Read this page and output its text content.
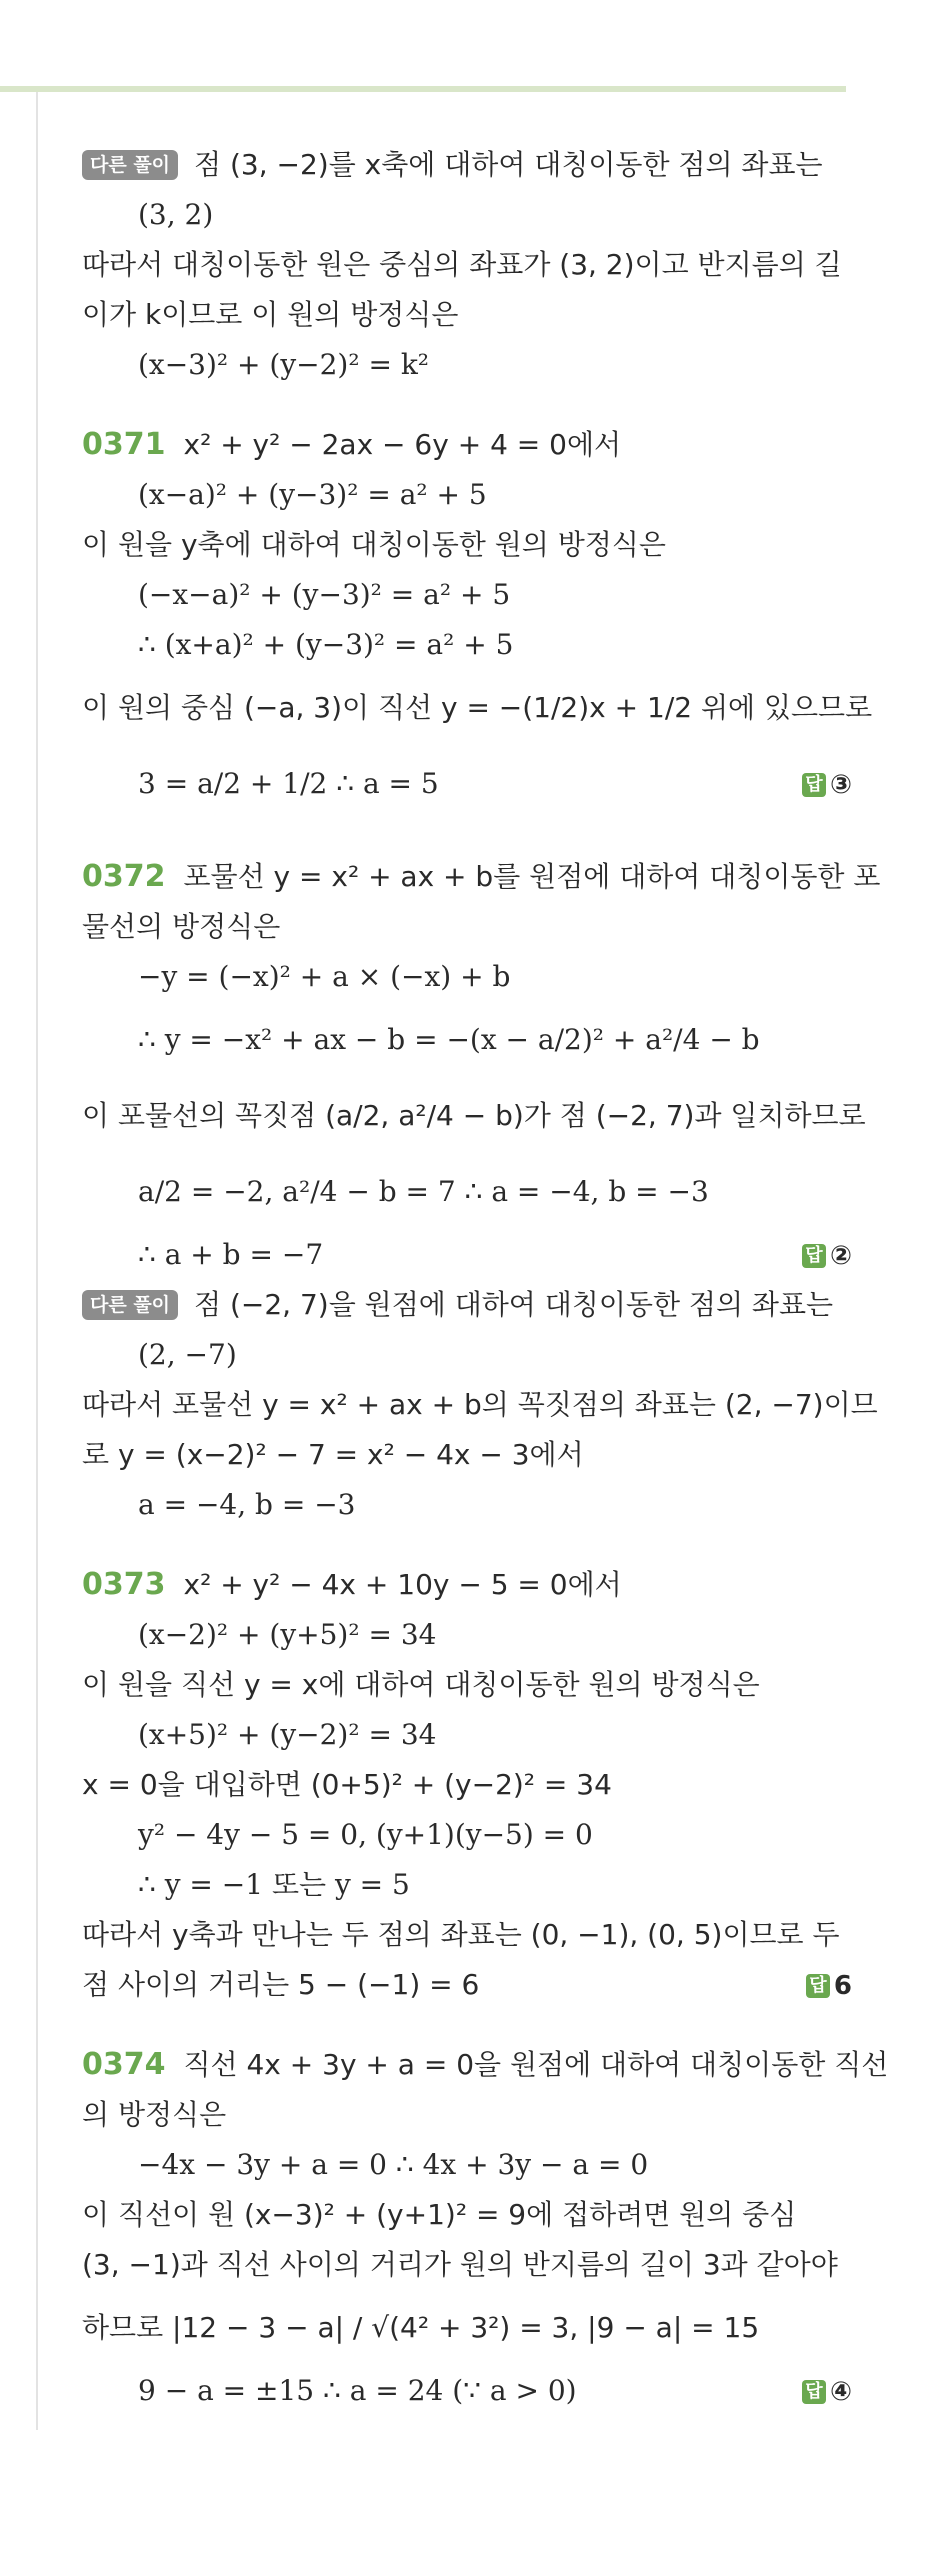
다른 풀이 점 (3, −2)를 x축에 대하여 대칭이동한 점의 좌표는
(3, 2)
따라서 대칭이동한 원은 중심의 좌표가 (3, 2)이고 반지름의 길
이가 k이므로 이 원의 방정식은
(x−3)² + (y−2)² = k²
0371 x² + y² − 2ax − 6y + 4 = 0에서
(x−a)² + (y−3)² = a² + 5
이 원을 y축에 대하여 대칭이동한 원의 방정식은
(−x−a)² + (y−3)² = a² + 5
∴ (x+a)² + (y−3)² = a² + 5
이 원의 중심 (−a, 3)이 직선 y = −(1/2)x + 1/2 위에 있으므로
3 = a/2 + 1/2 ∴ a = 5	답 ③
0372 포물선 y = x² + ax + b를 원점에 대하여 대칭이동한 포
물선의 방정식은
−y = (−x)² + a × (−x) + b
∴ y = −x² + ax − b = −(x − a/2)² + a²/4 − b
이 포물선의 꼭짓점 (a/2, a²/4 − b)가 점 (−2, 7)과 일치하므로
a/2 = −2, a²/4 − b = 7 ∴ a = −4, b = −3
∴ a + b = −7	답 ②
다른 풀이 점 (−2, 7)을 원점에 대하여 대칭이동한 점의 좌표는
(2, −7)
따라서 포물선 y = x² + ax + b의 꼭짓점의 좌표는 (2, −7)이므
로 y = (x−2)² − 7 = x² − 4x − 3에서
a = −4, b = −3
0373 x² + y² − 4x + 10y − 5 = 0에서
(x−2)² + (y+5)² = 34
이 원을 직선 y = x에 대하여 대칭이동한 원의 방정식은
(x+5)² + (y−2)² = 34
x = 0을 대입하면 (0+5)² + (y−2)² = 34
y² − 4y − 5 = 0, (y+1)(y−5) = 0
∴ y = −1 또는 y = 5
따라서 y축과 만나는 두 점의 좌표는 (0, −1), (0, 5)이므로 두
점 사이의 거리는 5 − (−1) = 6	답 6
0374 직선 4x + 3y + a = 0을 원점에 대하여 대칭이동한 직선
의 방정식은
−4x − 3y + a = 0 ∴ 4x + 3y − a = 0
이 직선이 원 (x−3)² + (y+1)² = 9에 접하려면 원의 중심
(3, −1)과 직선 사이의 거리가 원의 반지름의 길이 3과 같아야
하므로 |12 − 3 − a| / √(4² + 3²) = 3, |9 − a| = 15
9 − a = ±15 ∴ a = 24 (∵ a > 0)	답 ④
